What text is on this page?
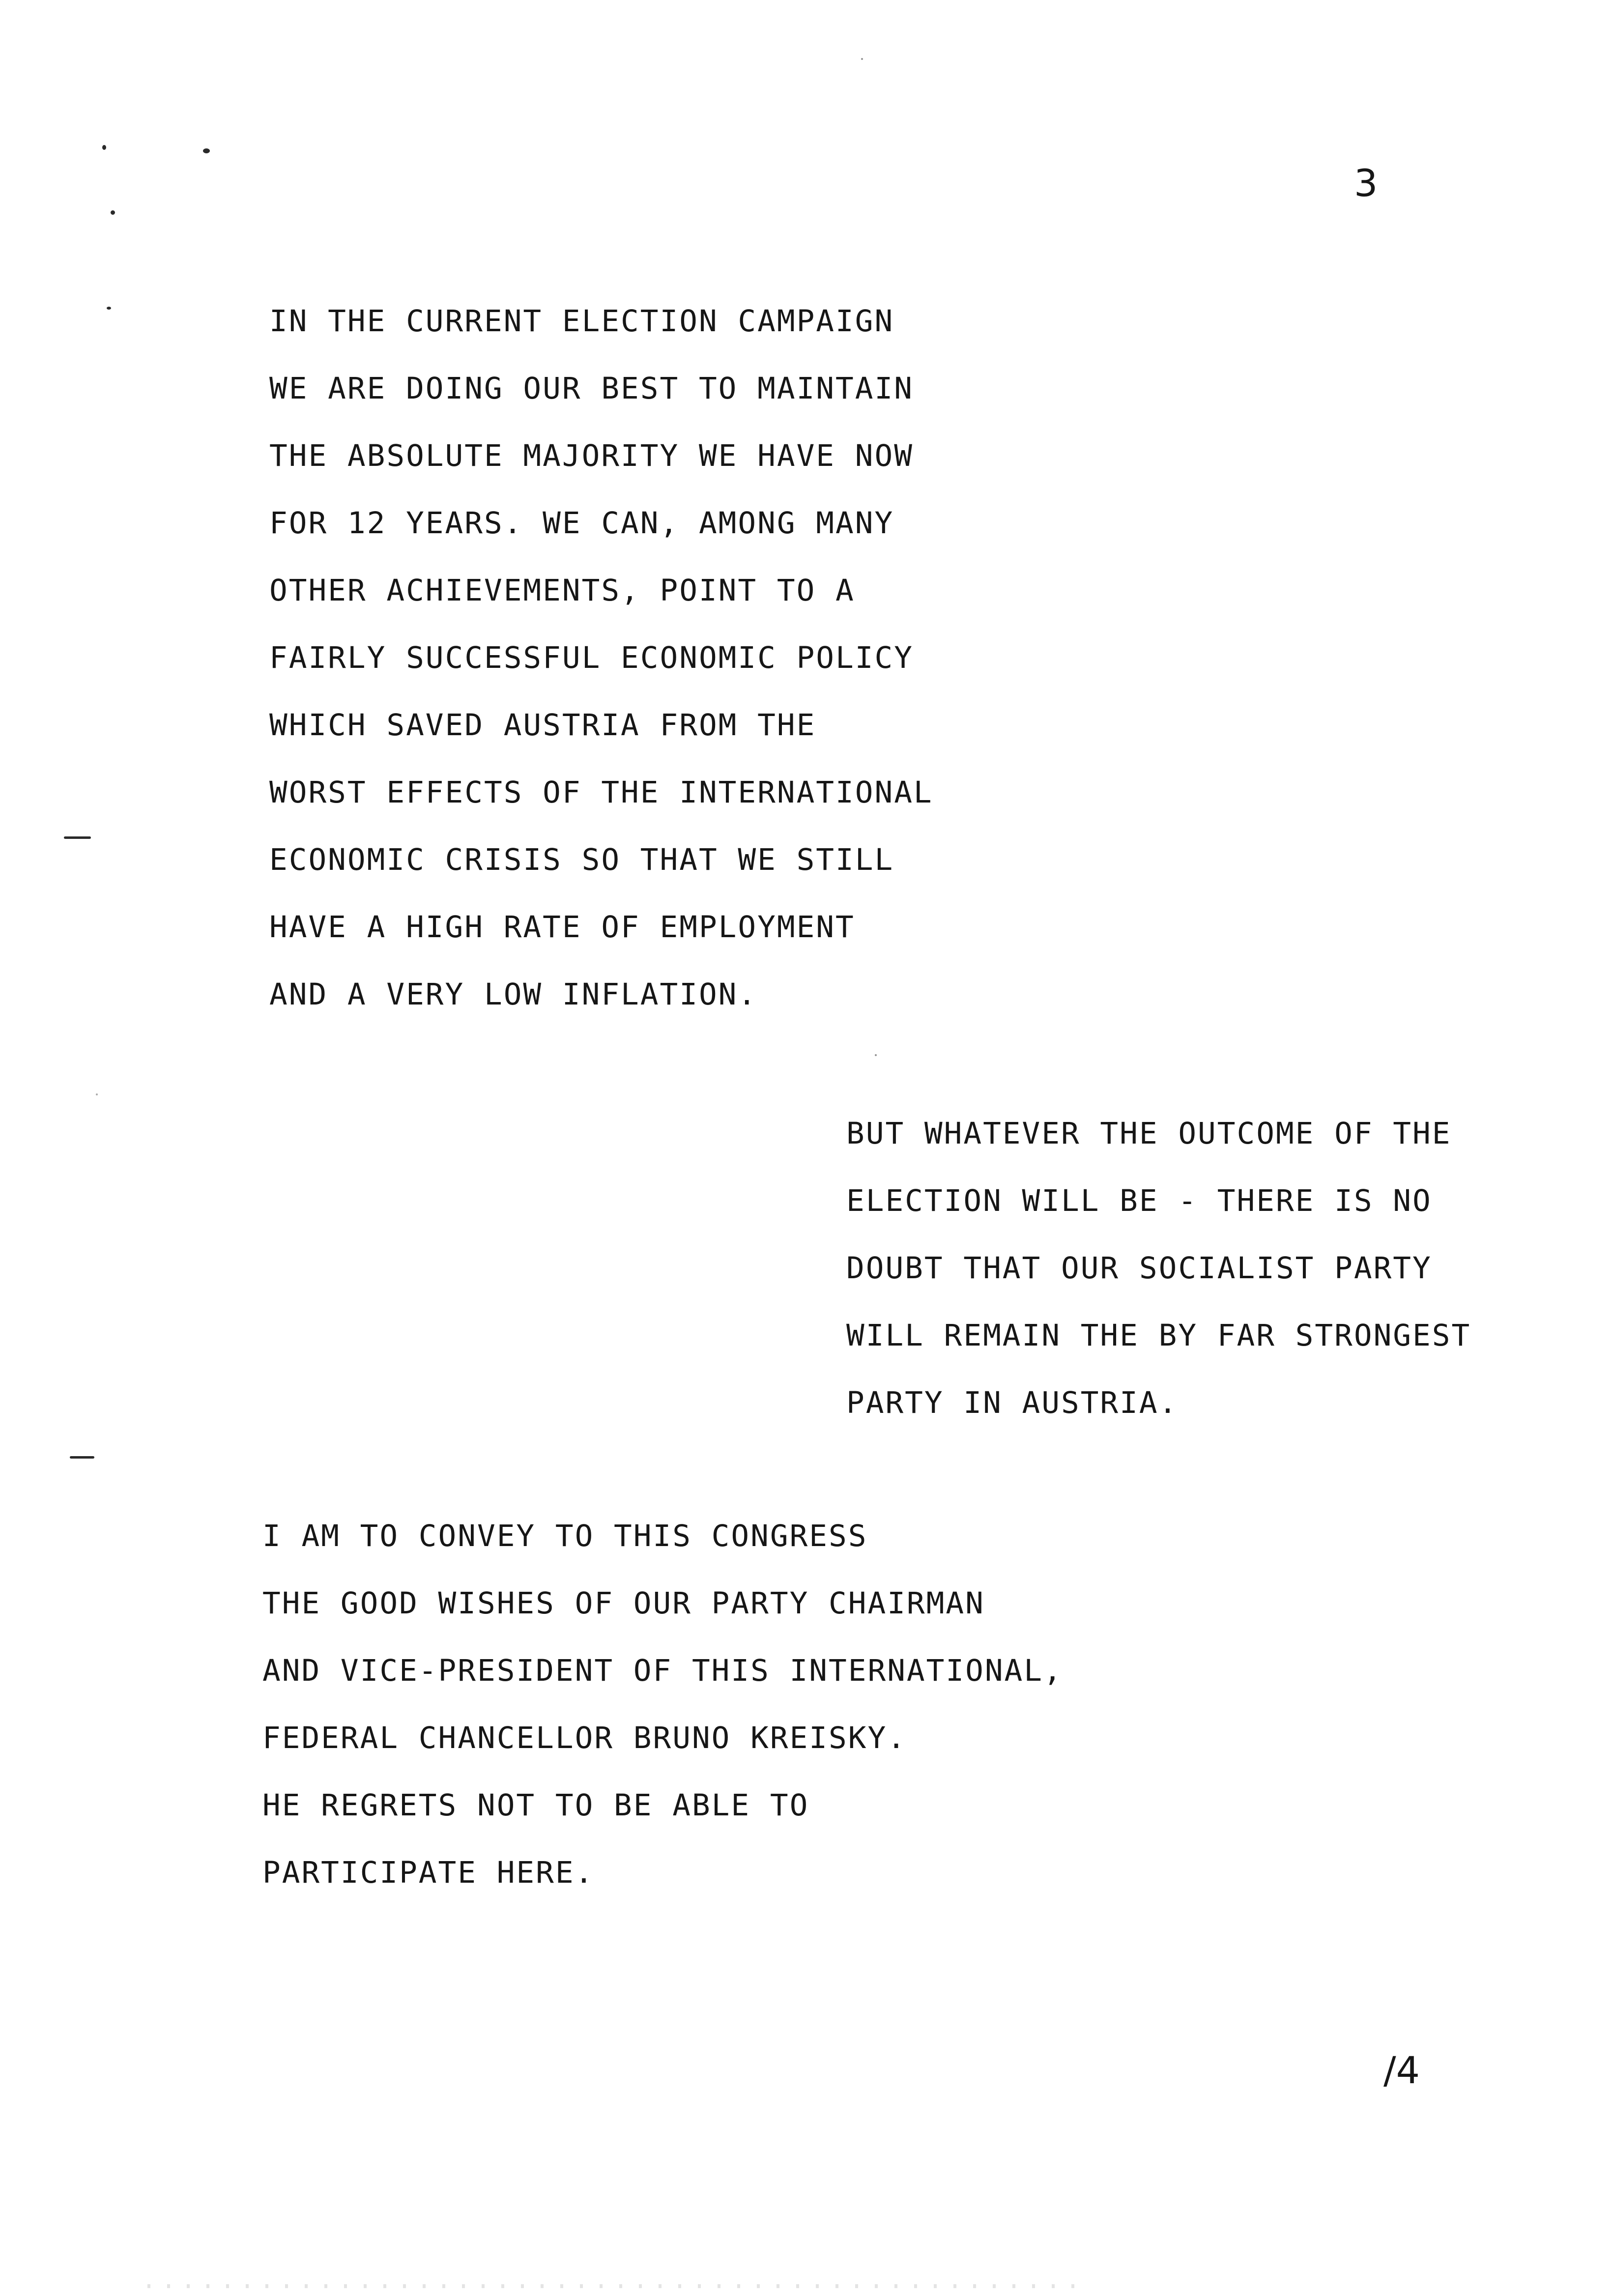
3
IN THE CURRENT ELECTION CAMPAIGN
WE ARE DOING OUR BEST TO MAINTAIN
THE ABSOLUTE MAJORITY WE HAVE NOW
FOR 12 YEARS. WE CAN, AMONG MANY
OTHER ACHIEVEMENTS, POINT TO A
FAIRLY SUCCESSFUL ECONOMIC POLICY
WHICH SAVED AUSTRIA FROM THE
WORST EFFECTS OF THE INTERNATIONAL
ECONOMIC CRISIS SO THAT WE STILL
HAVE A HIGH RATE OF EMPLOYMENT
AND A VERY LOW INFLATION.
BUT WHATEVER THE OUTCOME OF THE
ELECTION WILL BE - THERE IS NO
DOUBT THAT OUR SOCIALIST PARTY
WILL REMAIN THE BY FAR STRONGEST
PARTY IN AUSTRIA.
I AM TO CONVEY TO THIS CONGRESS
THE GOOD WISHES OF OUR PARTY CHAIRMAN
AND VICE-PRESIDENT OF THIS INTERNATIONAL,
FEDERAL CHANCELLOR BRUNO KREISKY.
HE REGRETS NOT TO BE ABLE TO
PARTICIPATE HERE.
/4
